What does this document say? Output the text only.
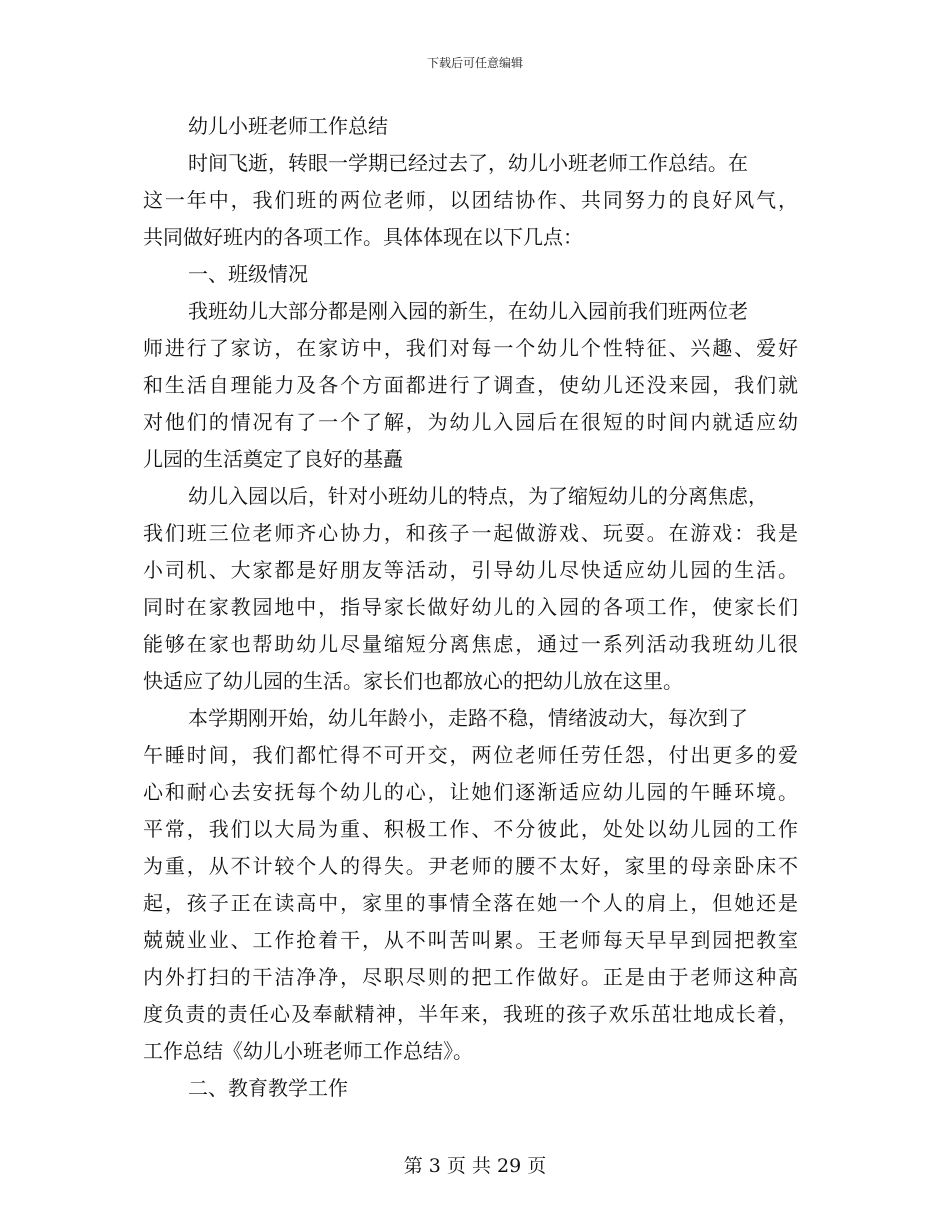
下载后可任意编辑
幼儿小班老师工作总结
时间飞逝，转眼一学期已经过去了，幼儿小班老师工作总结。在
这一年中，我们班的两位老师，以团结协作、共同努力的良好风气，
共同做好班内的各项工作。具体体现在以下几点：
一、班级情况
我班幼儿大部分都是刚入园的新生，在幼儿入园前我们班两位老
师进行了家访，在家访中，我们对每一个幼儿个性特征、兴趣、爱好
和生活自理能力及各个方面都进行了调查，使幼儿还没来园，我们就
对他们的情况有了一个了解，为幼儿入园后在很短的时间内就适应幼
儿园的生活奠定了良好的基矗
幼儿入园以后，针对小班幼儿的特点，为了缩短幼儿的分离焦虑，
我们班三位老师齐心协力，和孩子一起做游戏、玩耍。在游戏：我是
小司机、大家都是好朋友等活动，引导幼儿尽快适应幼儿园的生活。
同时在家教园地中，指导家长做好幼儿的入园的各项工作，使家长们
能够在家也帮助幼儿尽量缩短分离焦虑，通过一系列活动我班幼儿很
快适应了幼儿园的生活。家长们也都放心的把幼儿放在这里。
本学期刚开始，幼儿年龄小，走路不稳，情绪波动大，每次到了
午睡时间，我们都忙得不可开交，两位老师任劳任怨，付出更多的爱
心和耐心去安抚每个幼儿的心，让她们逐渐适应幼儿园的午睡环境。
平常，我们以大局为重、积极工作、不分彼此，处处以幼儿园的工作
为重，从不计较个人的得失。尹老师的腰不太好，家里的母亲卧床不
起，孩子正在读高中，家里的事情全落在她一个人的肩上，但她还是
兢兢业业、工作抢着干，从不叫苦叫累。王老师每天早早到园把教室
内外打扫的干洁净净，尽职尽则的把工作做好。正是由于老师这种高
度负责的责任心及奉献精神，半年来，我班的孩子欢乐茁壮地成长着，
工作总结《幼儿小班老师工作总结》。
二、教育教学工作
第 3 页 共 29 页
